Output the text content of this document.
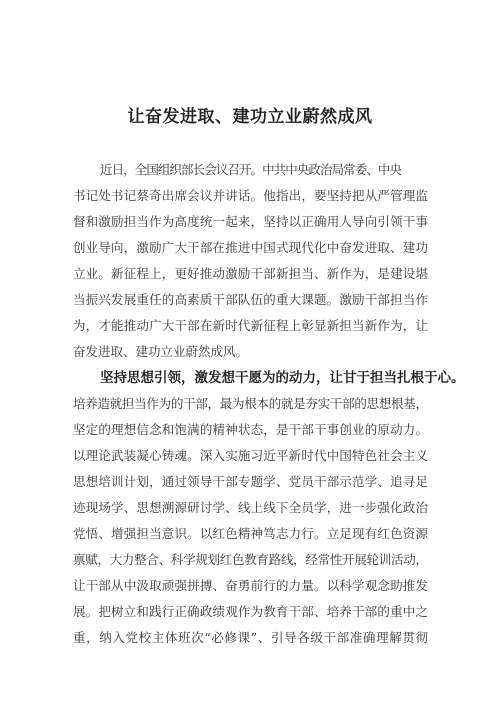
让奋发进取、建功立业蔚然成风

近日，全国组织部长会议召开。中共中央政治局常委、中央

书记处书记蔡奇出席会议并讲话。他指出，要坚持把从严管理监

督和激励担当作为高度统一起来，坚持以正确用人导向引领干事

创业导向，激励广大干部在推进中国式现代化中奋发进取、建功

立业。新征程上，更好推动激励干部新担当、新作为，是建设堪

当振兴发展重任的高素质干部队伍的重大课题。激励干部担当作

为，才能推动广大干部在新时代新征程上彰显新担当新作为，让

奋发进取、建功立业蔚然成风。

坚持思想引领，激发想干愿为的动力，让甘于担当扎根于心。

培养造就担当作为的干部，最为根本的就是夯实干部的思想根基，

坚定的理想信念和饱满的精神状态，是干部干事创业的原动力。

以理论武装凝心铸魂。深入实施习近平新时代中国特色社会主义

思想培训计划，通过领导干部专题学、党员干部示范学、追寻足

迹现场学、思想溯源研讨学、线上线下全员学，进一步强化政治

党悟、增强担当意识。以红色精神笃志力行。立足现有红色资源

禀赋，大力整合、科学规划红色教育路线，经常性开展轮训活动，

让干部从中汲取顽强拼搏、奋勇前行的力量。以科学观念助推发

展。把树立和践行正确政绩观作为教育干部、培养干部的重中之

重，纳入党校主体班次“必修课”、引导各级干部准确理解贯彻
